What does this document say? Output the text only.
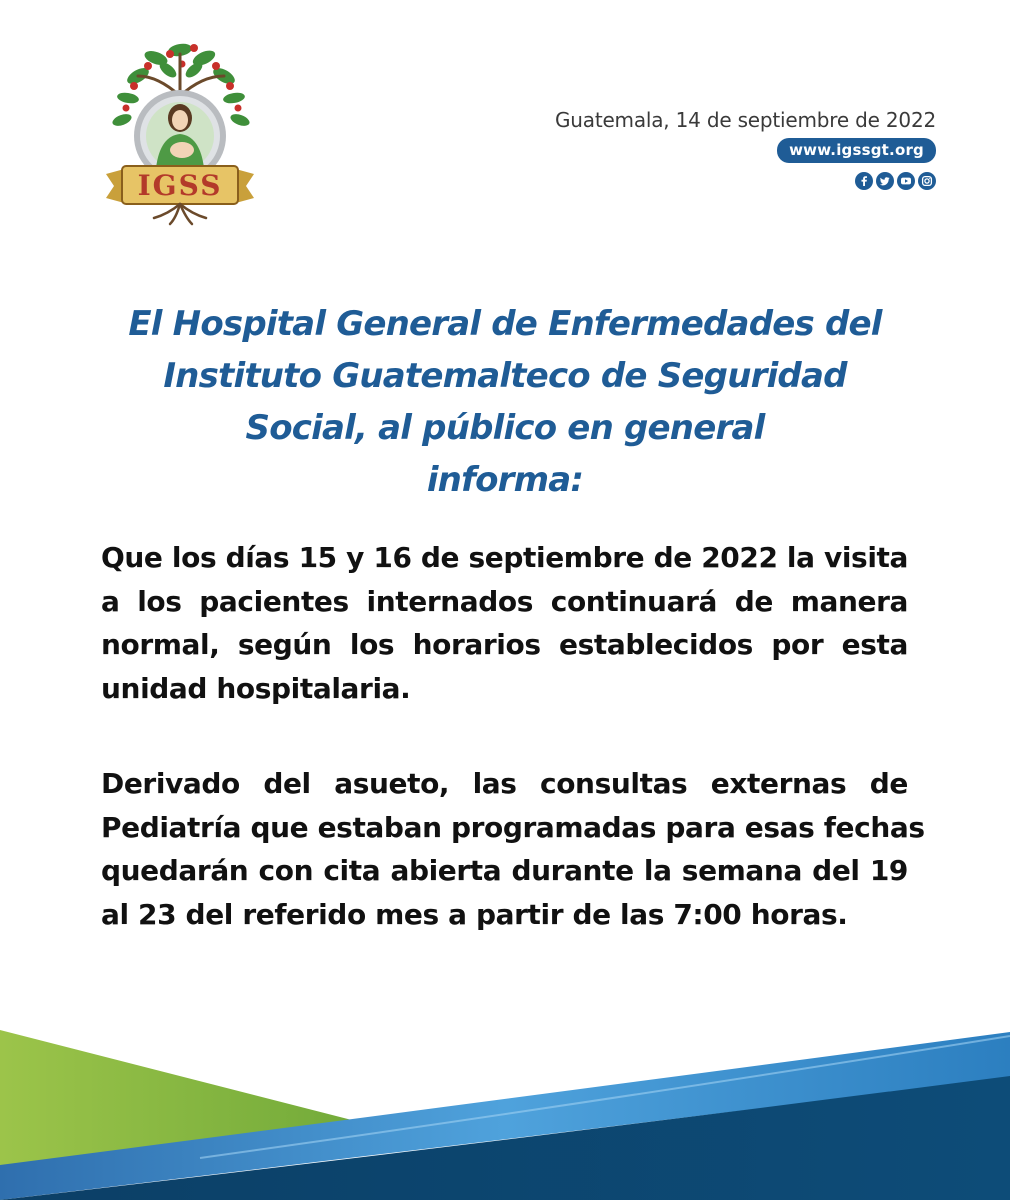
IGSS
Guatemala, 14 de septiembre de 2022
www.igssgt.org
El Hospital General de Enfermedades del
Instituto Guatemalteco de Seguridad
Social, al público en general
informa:
Que los días 15 y 16 de septiembre de 2022 la visita
a los pacientes internados continuará de manera
normal, según los horarios establecidos por esta
unidad hospitalaria.
Derivado del asueto, las consultas externas de
Pediatría que estaban programadas para esas fechas
quedarán con cita abierta durante la semana del 19
al 23 del referido mes a partir de las 7:00 horas.
